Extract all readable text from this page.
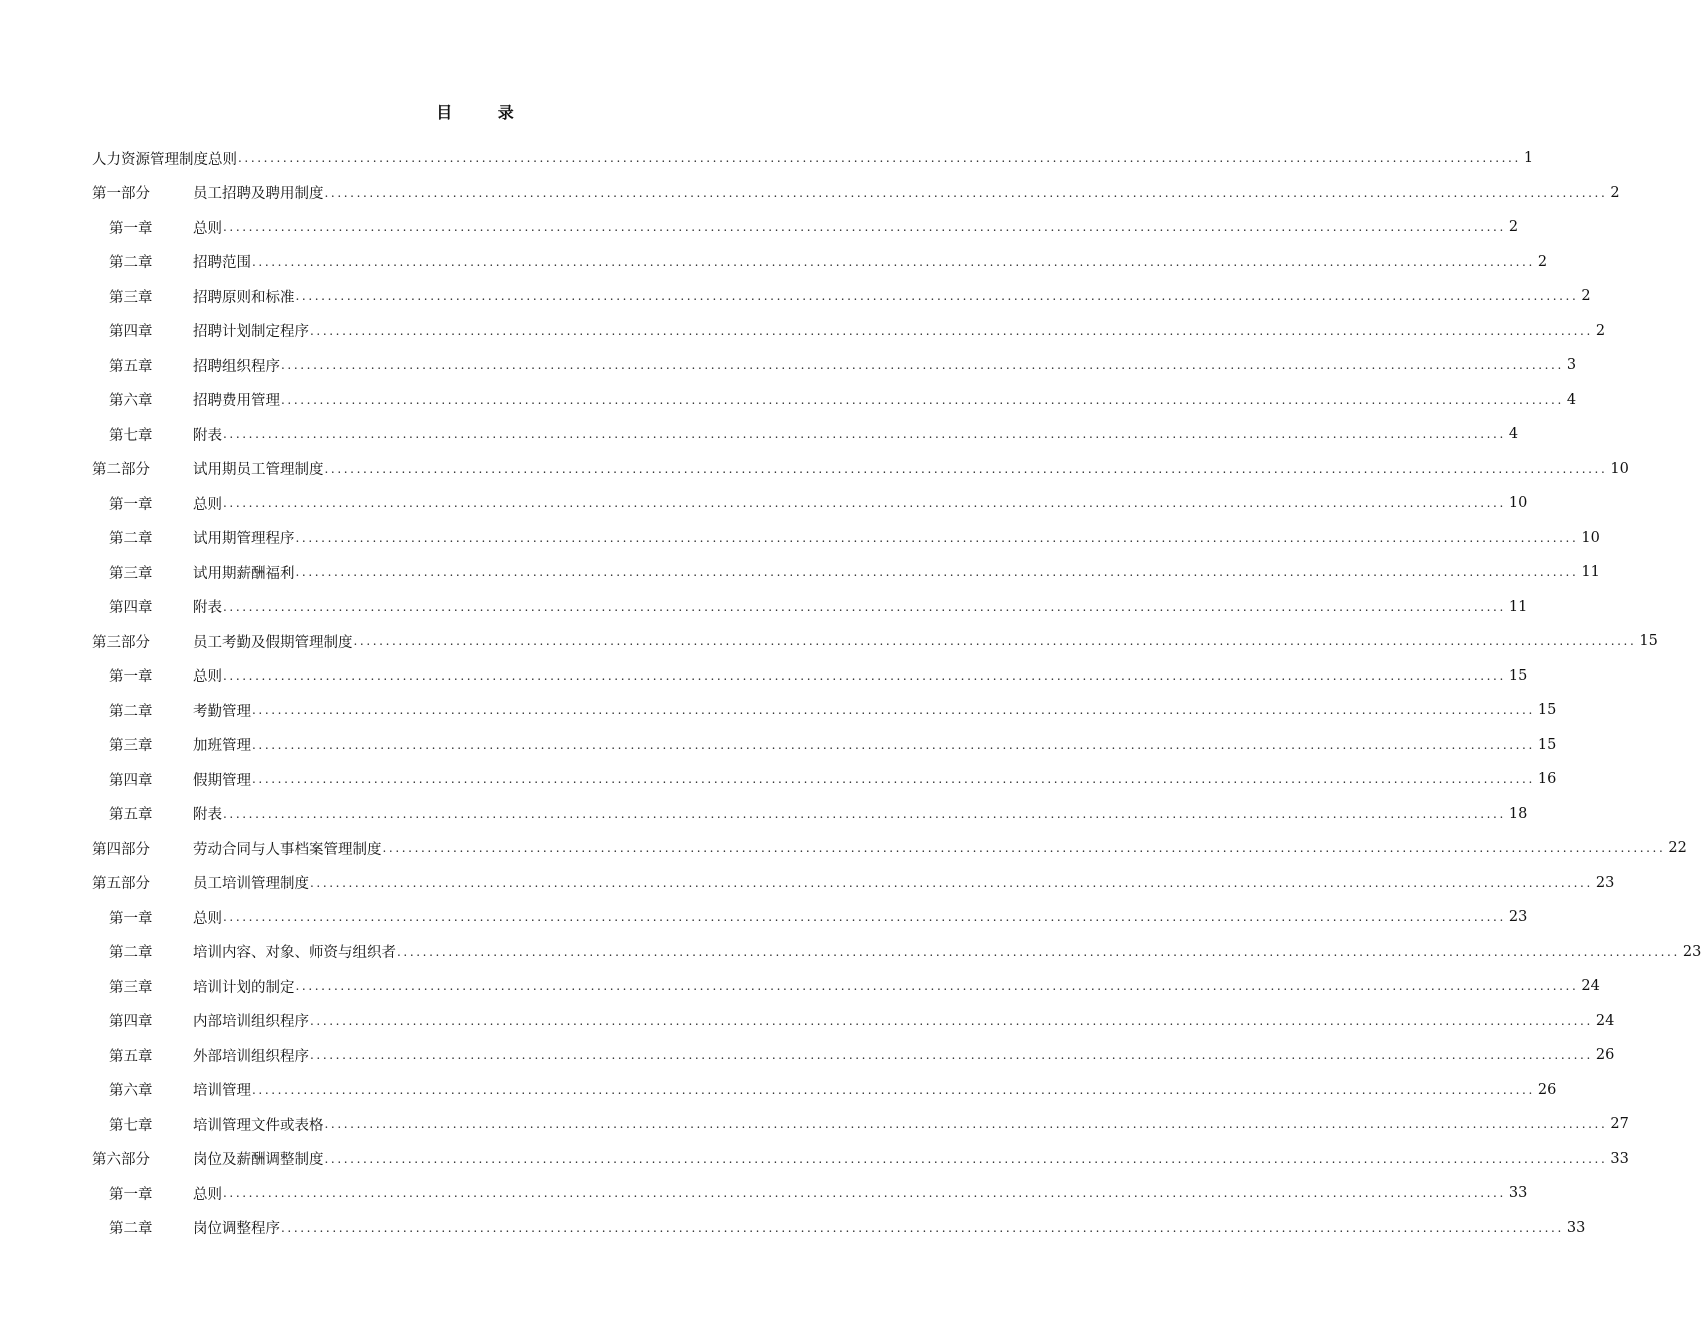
目 录
人力资源管理制度总则 ........................................................................................................................................................................................................ 1
第一部分	员工招聘及聘用制度 ........................................................................................................................................................................................................ 2
第一章	总则 ........................................................................................................................................................................................................ 2
第二章	招聘范围 ........................................................................................................................................................................................................ 2
第三章	招聘原则和标准 ........................................................................................................................................................................................................ 2
第四章	招聘计划制定程序 ........................................................................................................................................................................................................ 2
第五章	招聘组织程序 ........................................................................................................................................................................................................ 3
第六章	招聘费用管理 ........................................................................................................................................................................................................ 4
第七章	附表 ........................................................................................................................................................................................................ 4
第二部分	试用期员工管理制度 ........................................................................................................................................................................................................ 10
第一章	总则 ........................................................................................................................................................................................................ 10
第二章	试用期管理程序 ........................................................................................................................................................................................................ 10
第三章	试用期薪酬福利 ........................................................................................................................................................................................................ 11
第四章	附表 ........................................................................................................................................................................................................ 11
第三部分	员工考勤及假期管理制度 ........................................................................................................................................................................................................ 15
第一章	总则 ........................................................................................................................................................................................................ 15
第二章	考勤管理 ........................................................................................................................................................................................................ 15
第三章	加班管理 ........................................................................................................................................................................................................ 15
第四章	假期管理 ........................................................................................................................................................................................................ 16
第五章	附表 ........................................................................................................................................................................................................ 18
第四部分	劳动合同与人事档案管理制度 ........................................................................................................................................................................................................ 22
第五部分	员工培训管理制度 ........................................................................................................................................................................................................ 23
第一章	总则 ........................................................................................................................................................................................................ 23
第二章	培训内容、对象、师资与组织者 ........................................................................................................................................................................................................ 23
第三章	培训计划的制定 ........................................................................................................................................................................................................ 24
第四章	内部培训组织程序 ........................................................................................................................................................................................................ 24
第五章	外部培训组织程序 ........................................................................................................................................................................................................ 26
第六章	培训管理 ........................................................................................................................................................................................................ 26
第七章	培训管理文件或表格 ........................................................................................................................................................................................................ 27
第六部分	岗位及薪酬调整制度 ........................................................................................................................................................................................................ 33
第一章	总则 ........................................................................................................................................................................................................ 33
第二章	岗位调整程序 ........................................................................................................................................................................................................ 33
